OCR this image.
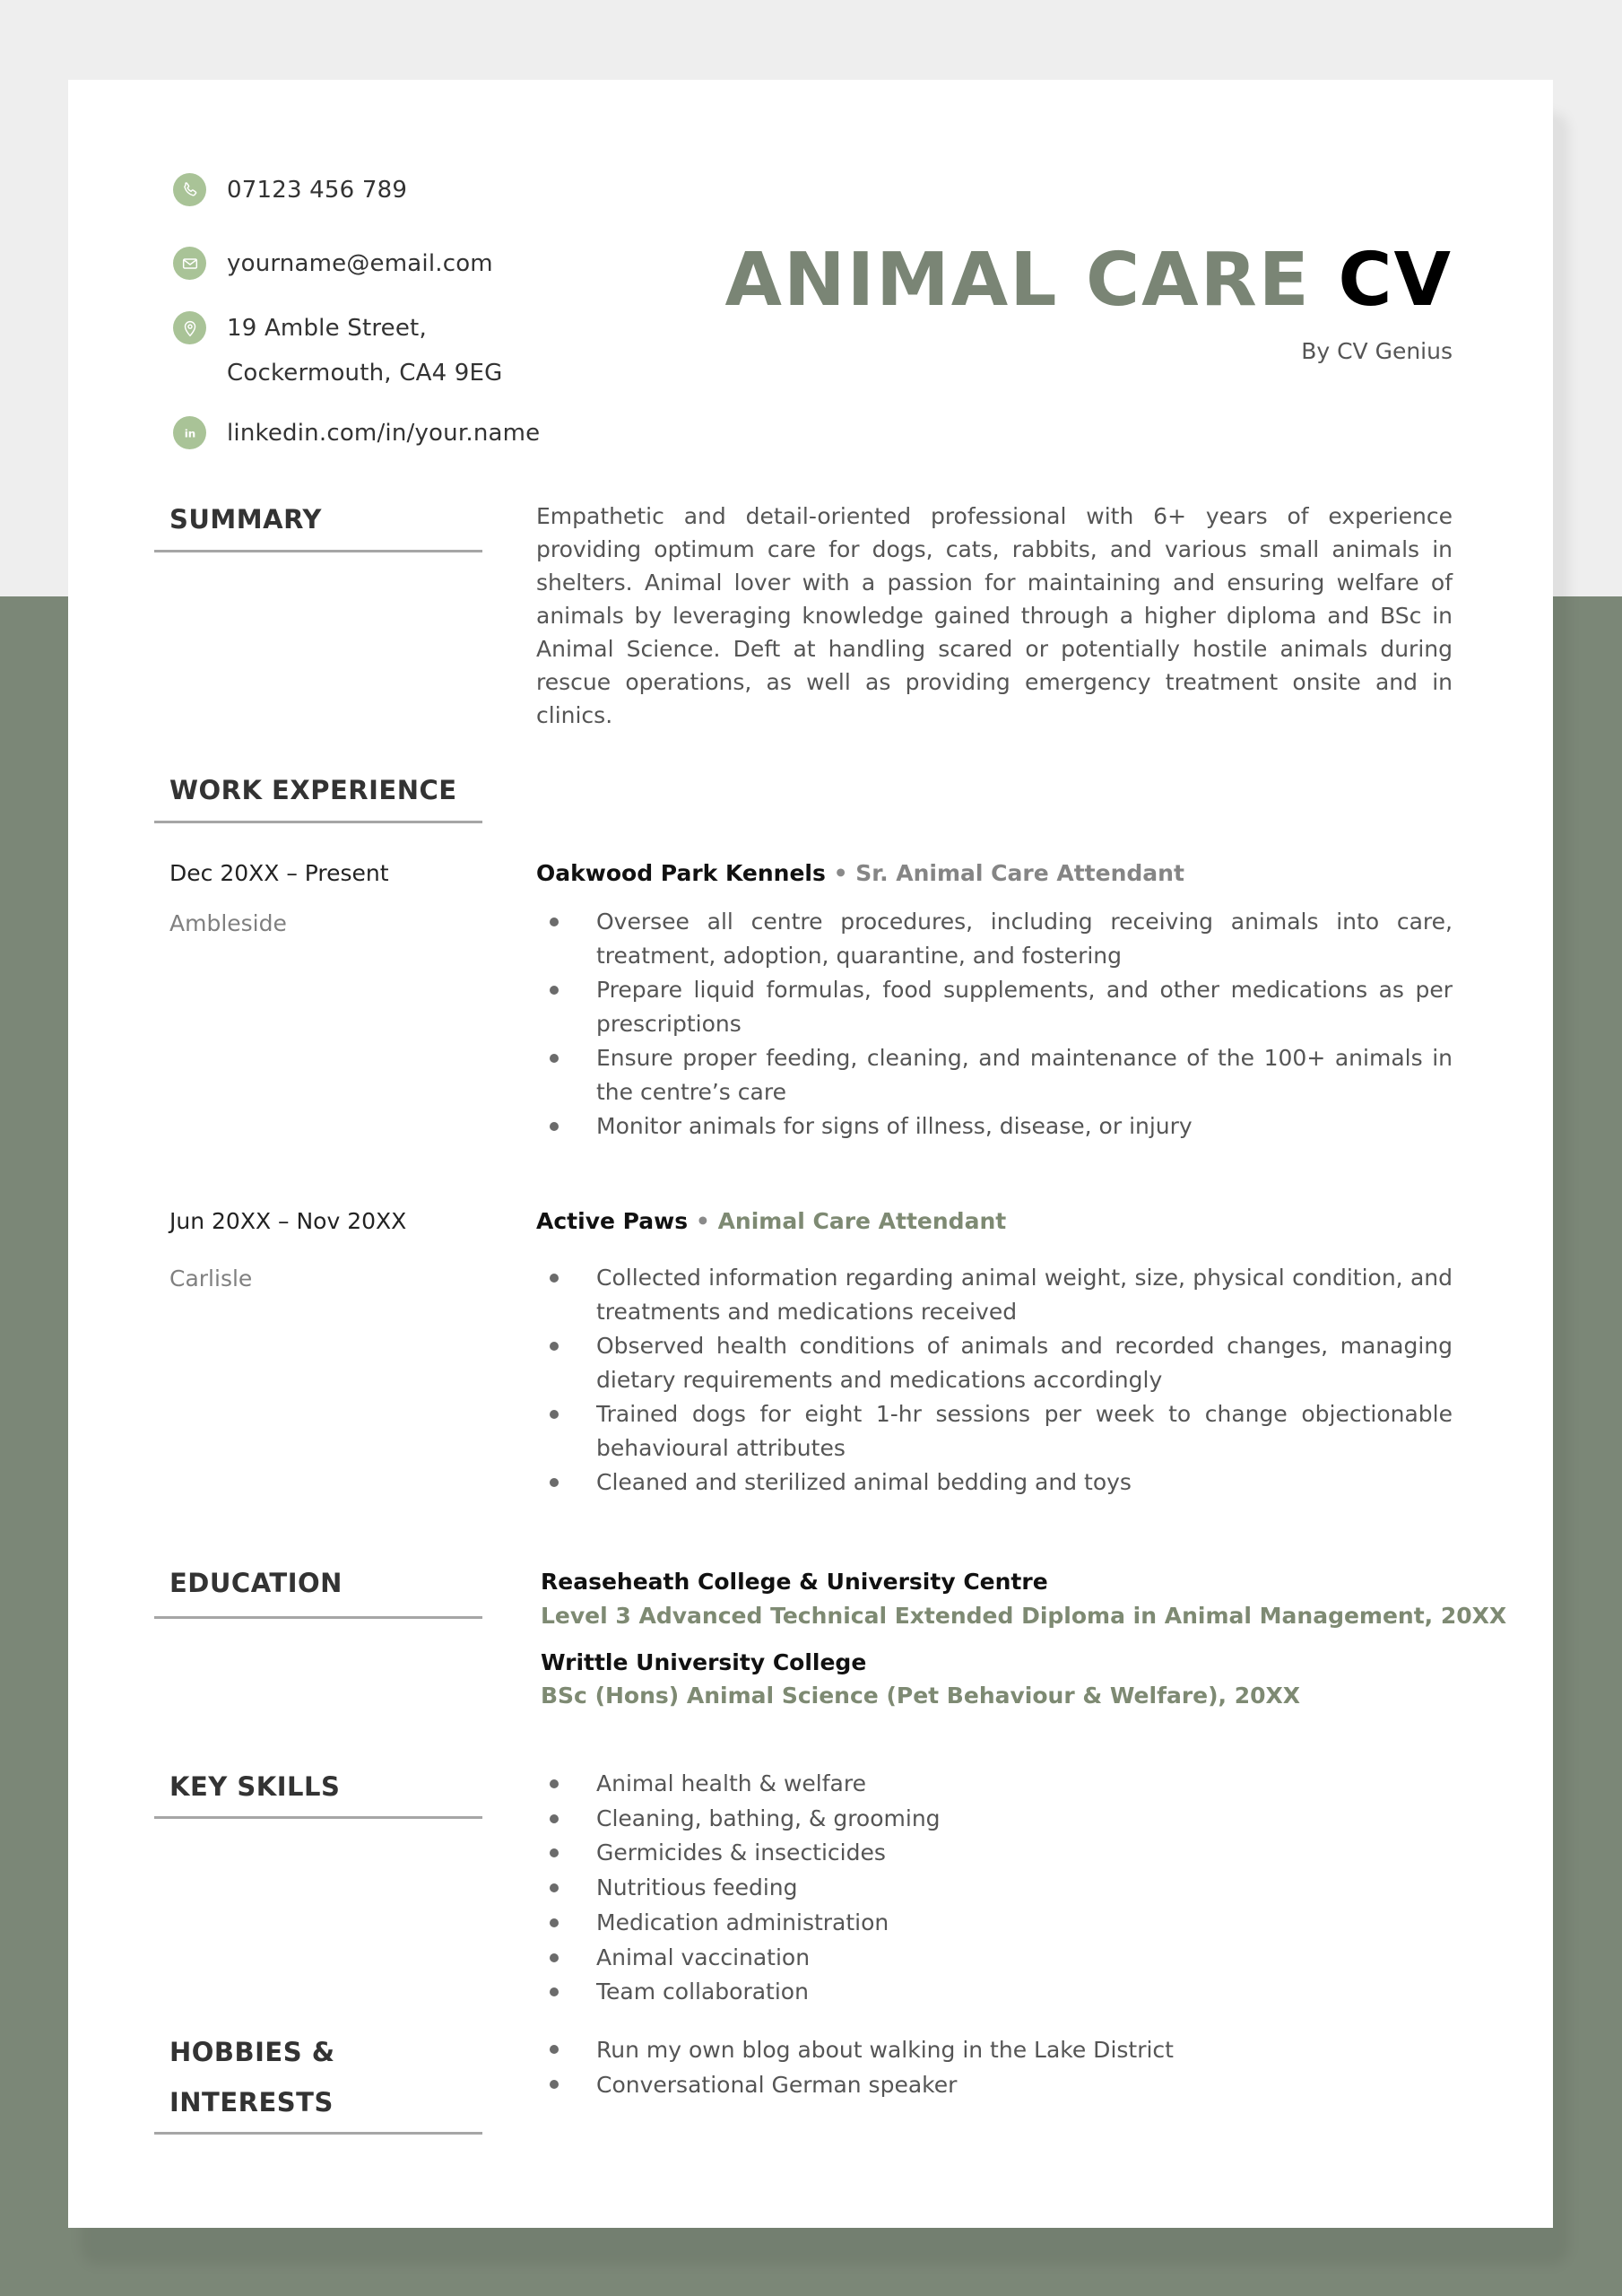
07123 456 789
yourname@email.com
19 Amble Street,
Cockermouth, CA4 9EG
in linkedin.com/in/your.name
ANIMAL CARE CV
By CV Genius
SUMMARY	Empathetic and detail-oriented professional with 6+ years of experience providing optimum care for dogs, cats, rabbits, and various small animals in shelters. Animal lover with a passion for maintaining and ensuring welfare of animals by leveraging knowledge gained through a higher diploma and BSc in Animal Science. Deft at handling scared or potentially hostile animals during rescue operations, as well as providing emergency treatment onsite and in clinics.

WORK EXPERIENCE
Dec 20XX – Present
Ambleside
Oakwood Park Kennels • Sr. Animal Care Attendant
Oversee all centre procedures, including receiving animals into care, treatment, adoption, quarantine, and fostering
Prepare liquid formulas, food supplements, and other medications as per prescriptions
Ensure proper feeding, cleaning, and maintenance of the 100+ animals in the centre’s care
Monitor animals for signs of illness, disease, or injury
Jun 20XX – Nov 20XX
Carlisle
Active Paws • Animal Care Attendant
Collected information regarding animal weight, size, physical condition, and treatments and medications received
Observed health conditions of animals and recorded changes, managing dietary requirements and medications accordingly
Trained dogs for eight 1-hr sessions per week to change objectionable behavioural attributes
Cleaned and sterilized animal bedding and toys
EDUCATION	Reaseheath College & University Centre
Level 3 Advanced Technical Extended Diploma in Animal Management, 20XX
Writtle University College
BSc (Hons) Animal Science (Pet Behaviour & Welfare), 20XX
KEY SKILLS	Animal health & welfare
Cleaning, bathing, & grooming
Germicides & insecticides
Nutritious feeding
Medication administration
Animal vaccination
Team collaboration
HOBBIES &
INTERESTS
Run my own blog about walking in the Lake District
Conversational German speaker
